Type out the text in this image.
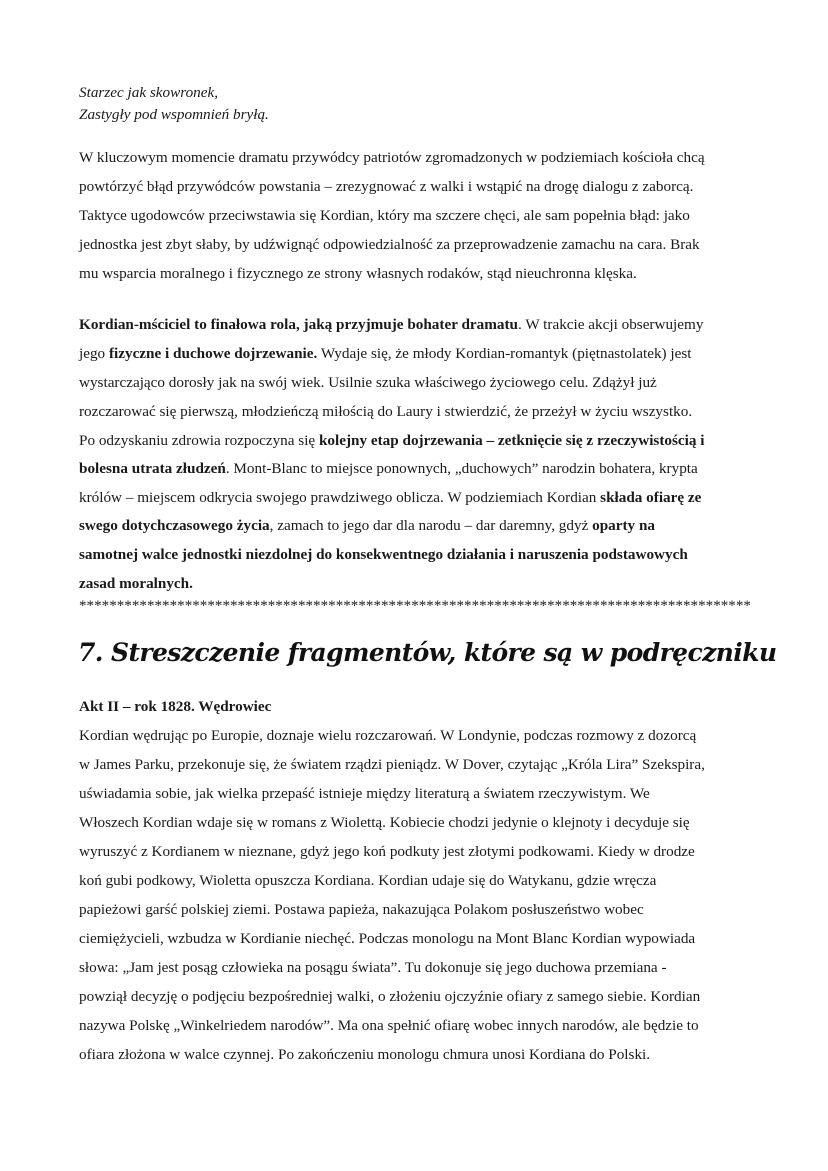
Starzec jak skowronek,
Zastygły pod wspomnień bryłą.
W kluczowym momencie dramatu przywódcy patriotów zgromadzonych w podziemiach kościoła chcą
powtórzyć błąd przywódców powstania – zrezygnować z walki i wstąpić na drogę dialogu z zaborcą.
Taktyce ugodowców przeciwstawia się Kordian, który ma szczere chęci, ale sam popełnia błąd: jako
jednostka jest zbyt słaby, by udźwignąć odpowiedzialność za przeprowadzenie zamachu na cara. Brak
mu wsparcia moralnego i fizycznego ze strony własnych rodaków, stąd nieuchronna klęska.
Kordian-mściciel to finałowa rola, jaką przyjmuje bohater dramatu. W trakcie akcji obserwujemy
jego fizyczne i duchowe dojrzewanie. Wydaje się, że młody Kordian-romantyk (piętnastolatek) jest
wystarczająco dorosły jak na swój wiek. Usilnie szuka właściwego życiowego celu. Zdążył już
rozczarować się pierwszą, młodzieńczą miłością do Laury i stwierdzić, że przeżył w życiu wszystko.
Po odzyskaniu zdrowia rozpoczyna się kolejny etap dojrzewania – zetknięcie się z rzeczywistością i
bolesna utrata złudzeń. Mont-Blanc to miejsce ponownych, „duchowych” narodzin bohatera, krypta
królów – miejscem odkrycia swojego prawdziwego oblicza. W podziemiach Kordian składa ofiarę ze
swego dotychczasowego życia, zamach to jego dar dla narodu – dar daremny, gdyż oparty na
samotnej walce jednostki niezdolnej do konsekwentnego działania i naruszenia podstawowych
zasad moralnych.
*****************************************************************************************
7. Streszczenie fragmentów, które są w podręczniku
Akt II – rok 1828. Wędrowiec
Kordian wędrując po Europie, doznaje wielu rozczarowań. W Londynie, podczas rozmowy z dozorcą
w James Parku, przekonuje się, że światem rządzi pieniądz. W Dover, czytając „Króla Lira” Szekspira,
uświadamia sobie, jak wielka przepaść istnieje między literaturą a światem rzeczywistym. We
Włoszech Kordian wdaje się w romans z Wiolettą. Kobiecie chodzi jedynie o klejnoty i decyduje się
wyruszyć z Kordianem w nieznane, gdyż jego koń podkuty jest złotymi podkowami. Kiedy w drodze
koń gubi podkowy, Wioletta opuszcza Kordiana. Kordian udaje się do Watykanu, gdzie wręcza
papieżowi garść polskiej ziemi. Postawa papieża, nakazująca Polakom posłuszeństwo wobec
ciemiężycieli, wzbudza w Kordianie niechęć. Podczas monologu na Mont Blanc Kordian wypowiada
słowa: „Jam jest posąg człowieka na posągu świata”. Tu dokonuje się jego duchowa przemiana -
powziął decyzję o podjęciu bezpośredniej walki, o złożeniu ojczyźnie ofiary z samego siebie. Kordian
nazywa Polskę „Winkelriedem narodów”. Ma ona spełnić ofiarę wobec innych narodów, ale będzie to
ofiara złożona w walce czynnej. Po zakończeniu monologu chmura unosi Kordiana do Polski.
